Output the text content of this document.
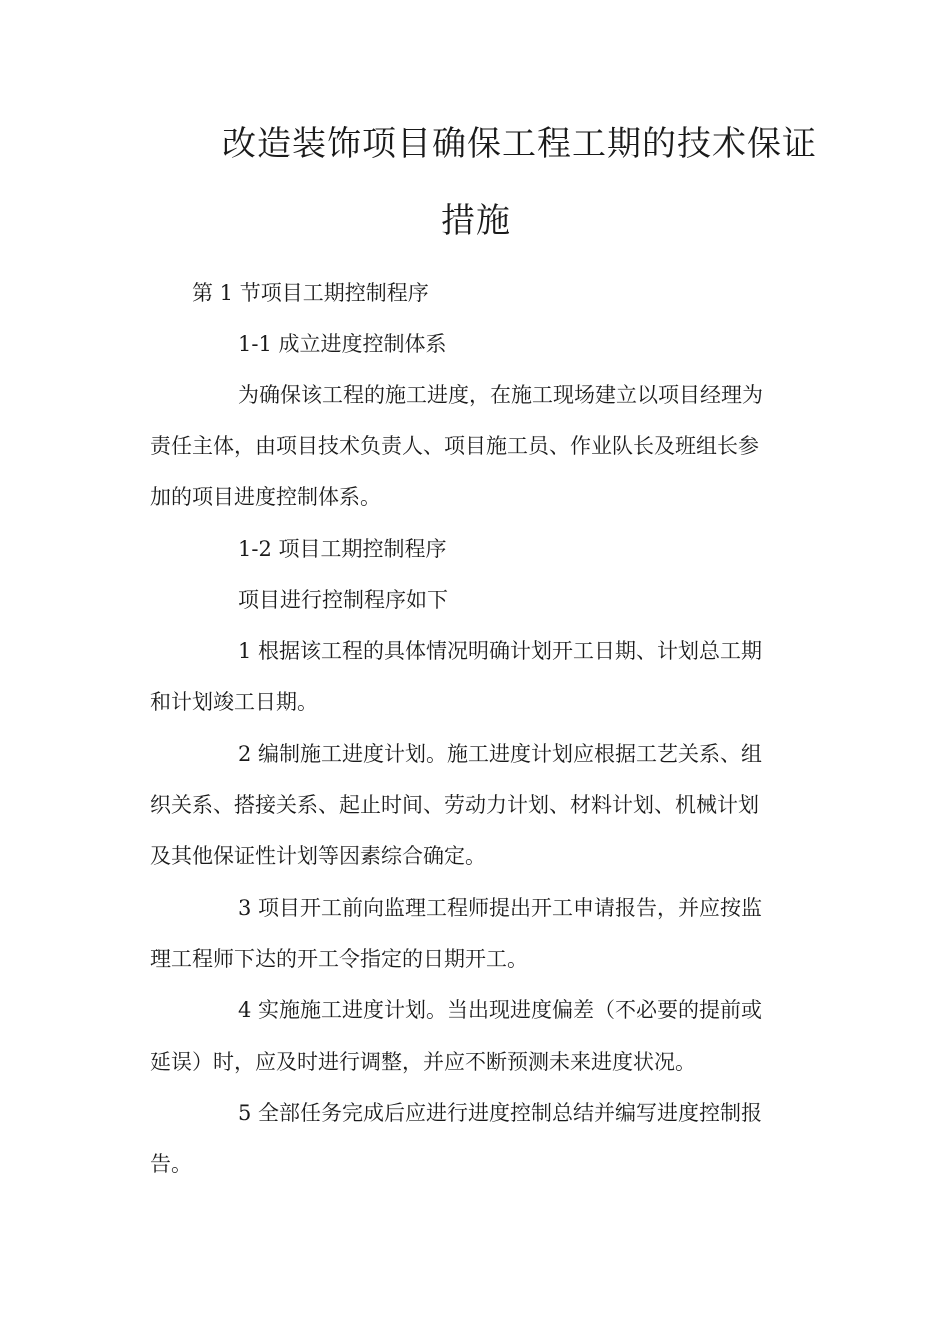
改造装饰项目确保工程工期的技术保证
措施
第 1 节项目工期控制程序
1-1 成立进度控制体系
为确保该工程的施工进度，在施工现场建立以项目经理为
责任主体，由项目技术负责人、项目施工员、作业队长及班组长参
加的项目进度控制体系。
1-2 项目工期控制程序
项目进行控制程序如下
1 根据该工程的具体情况明确计划开工日期、计划总工期
和计划竣工日期。
2 编制施工进度计划。施工进度计划应根据工艺关系、组
织关系、搭接关系、起止时间、劳动力计划、材料计划、机械计划
及其他保证性计划等因素综合确定。
3 项目开工前向监理工程师提出开工申请报告，并应按监
理工程师下达的开工令指定的日期开工。
4 实施施工进度计划。当出现进度偏差（不必要的提前或
延误）时，应及时进行调整，并应不断预测未来进度状况。
5 全部任务完成后应进行进度控制总结并编写进度控制报
告。
